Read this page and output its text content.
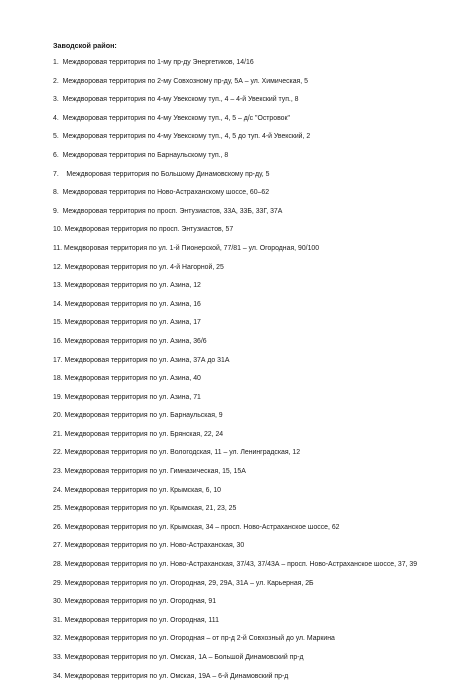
Заводской район:
1. Междворовая территория по 1-му пр-ду Энергетиков, 14/16
2. Междворовая территория по 2-му Совхозному пр-ду, 5А – ул. Химическая, 5
3. Междворовая территория по 4-му Увекскому туп., 4 – 4-й Увекский туп., 8
4. Междворовая территория по 4-му Увекскому туп., 4, 5 – д/с "Островок"
5. Междворовая территория по 4-му Увекскому туп., 4, 5 до туп. 4-й Увекский, 2
6. Междворовая территория по Барнаульскому туп., 8
7. Междворовая территория по Большому Динамовскому пр-ду, 5
8. Междворовая территория по Ново-Астраханскому шоссе, 60–62
9. Междворовая территория по просп. Энтузиастов, 33А, 33Б, 33Г, 37А
10. Междворовая территория по просп. Энтузиастов, 57
11. Междворовая территория по ул. 1-й Пионерской, 77/81 – ул. Огородная, 90/100
12. Междворовая территория по ул. 4-й Нагорной, 25
13. Междворовая территория по ул. Азина, 12
14. Междворовая территория по ул. Азина, 16
15. Междворовая территория по ул. Азина, 17
16. Междворовая территория по ул. Азина, 36/6
17. Междворовая территория по ул. Азина, 37А до 31А
18. Междворовая территория по ул. Азина, 40
19. Междворовая территория по ул. Азина, 71
20. Междворовая территория по ул. Барнаульская, 9
21. Междворовая территория по ул. Брянская, 22, 24
22. Междворовая территория по ул. Вологодская, 11 – ул. Ленинградская, 12
23. Междворовая территория по ул. Гимназическая, 15, 15А
24. Междворовая территория по ул. Крымская, 6, 10
25. Междворовая территория по ул. Крымская, 21, 23, 25
26. Междворовая территория по ул. Крымская, 34 – просп. Ново-Астраханское шоссе, 62
27. Междворовая территория по ул. Ново-Астраханская, 30
28. Междворовая территория по ул. Ново-Астраханская, 37/43, 37/43А – просп. Ново-Астраханское шоссе, 37, 39
29. Междворовая территория по ул. Огородная, 29, 29А, 31А – ул. Карьерная, 2Б
30. Междворовая территория по ул. Огородная, 91
31. Междворовая территория по ул. Огородная, 111
32. Междворовая территория по ул. Огородная – от пр-д 2-й Совхозный до ул. Маркина
33. Междворовая территория по ул. Омская, 1А – Большой Динамовский пр-д
34. Междворовая территория по ул. Омская, 19А – 6-й Динамовский пр-д
